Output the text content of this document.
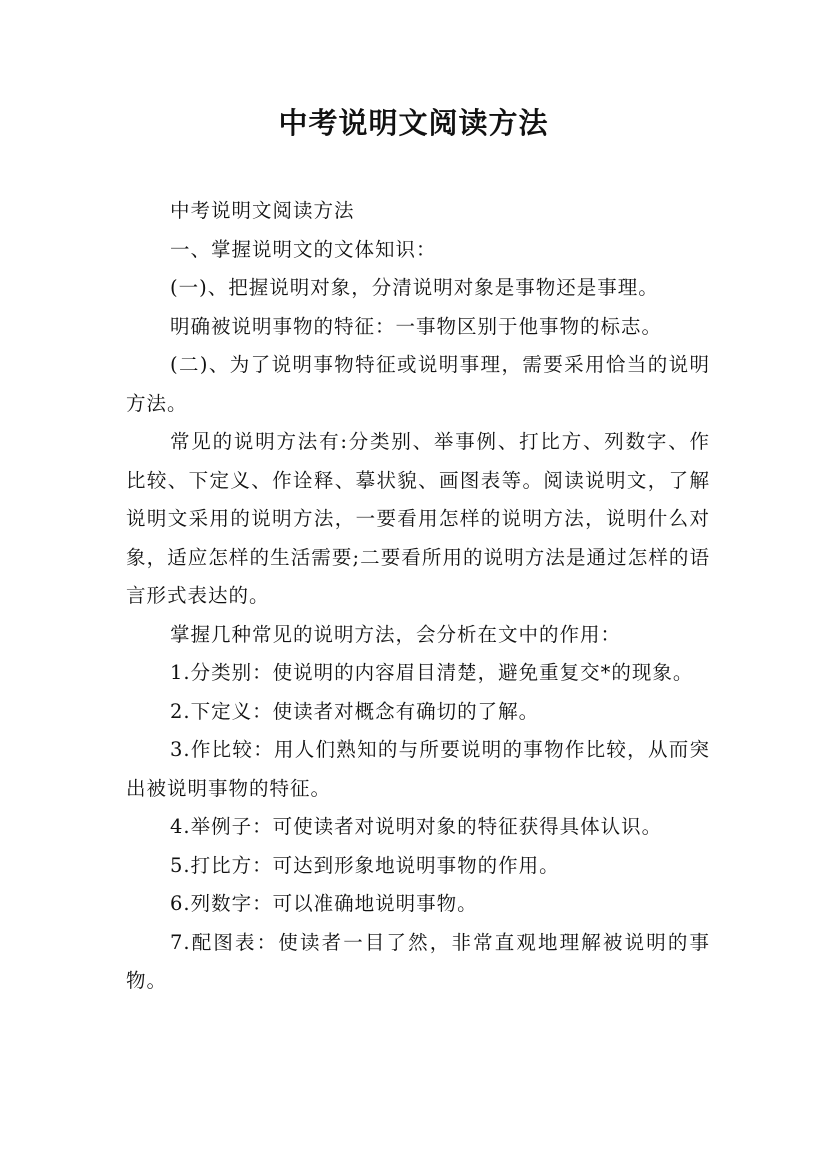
中考说明文阅读方法

中考说明文阅读方法

一、掌握说明文的文体知识：

(一)、把握说明对象，分清说明对象是事物还是事理。

明确被说明事物的特征：一事物区别于他事物的标志。

(二)、为了说明事物特征或说明事理，需要采用恰当的说明方法。

常见的说明方法有:分类别、举事例、打比方、列数字、作比较、下定义、作诠释、摹状貌、画图表等。阅读说明文，了解说明文采用的说明方法，一要看用怎样的说明方法，说明什么对象，适应怎样的生活需要;二要看所用的说明方法是通过怎样的语言形式表达的。

掌握几种常见的说明方法，会分析在文中的作用：

1.分类别：使说明的内容眉目清楚，避免重复交*的现象。

2.下定义：使读者对概念有确切的了解。

3.作比较：用人们熟知的与所要说明的事物作比较，从而突出被说明事物的特征。

4.举例子：可使读者对说明对象的特征获得具体认识。

5.打比方：可达到形象地说明事物的作用。

6.列数字：可以准确地说明事物。

7.配图表：使读者一目了然，非常直观地理解被说明的事物。
